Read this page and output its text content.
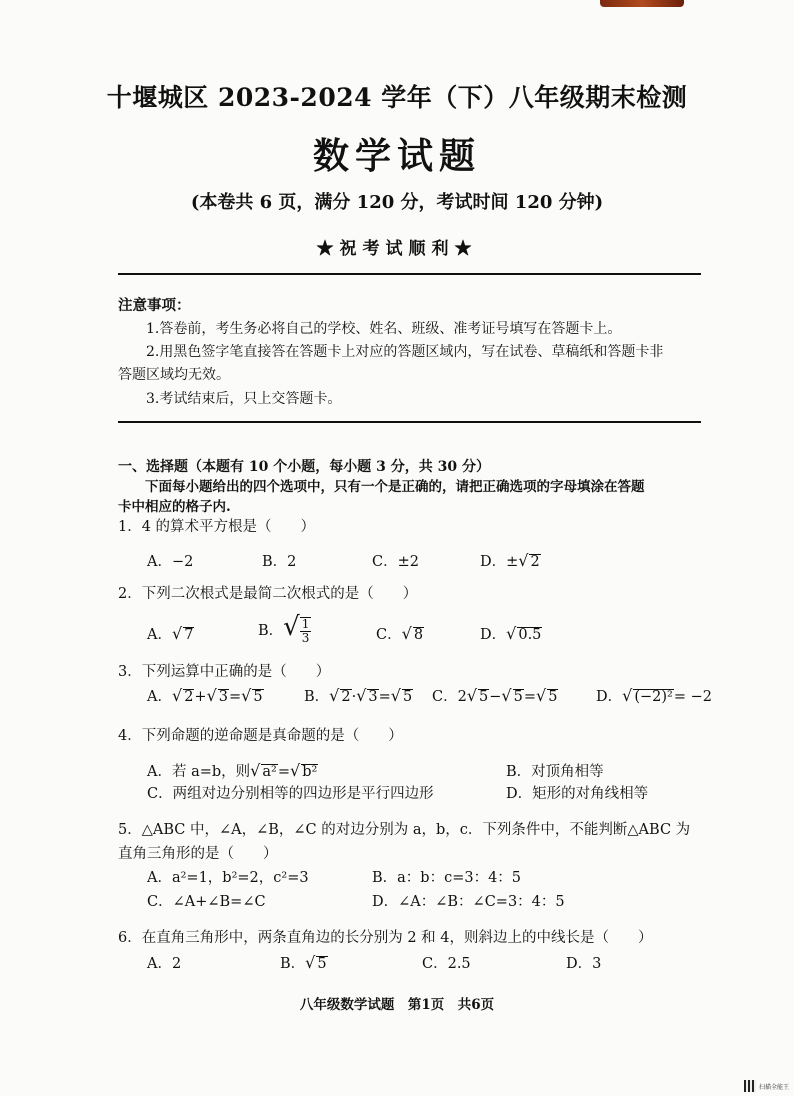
十堰城区 2023-2024 学年（下）八年级期末检测
数学试题
(本卷共 6 页，满分 120 分，考试时间 120 分钟)
★祝考试顺利★
注意事项：
1.答卷前，考生务必将自己的学校、姓名、班级、准考证号填写在答题卡上。
2.用黑色签字笔直接答在答题卡上对应的答题区域内，写在试卷、草稿纸和答题卡非
答题区域均无效。
3.考试结束后，只上交答题卡。
一、选择题（本题有 10 个小题，每小题 3 分，共 30 分）
下面每小题给出的四个选项中，只有一个是正确的，请把正确选项的字母填涂在答题
卡中相应的格子内.
1．4 的算术平方根是（　　）
A．−2	B．2	C．±2	D．±√ 2
2．下列二次根式是最简二次根式的是（　　）
A．√ 7	B．√ $\frac{1}{3}$	C．√ 8	D．√ 0.5
3．下列运算中正确的是（　　）
A．√ 2+√ 3=√ 5	B．√ 2·√ 3=√ 5 C．2√ 5−√ 5=√ 5	D．√ (−2)²= −2
4．下列命题的逆命题是真命题的是（　　）
A．若 a=b，则√ a²=√ b²	B．对顶角相等
C．两组对边分别相等的四边形是平行四边形	D．矩形的对角线相等
5．△ABC 中，∠A，∠B，∠C 的对边分别为 a，b，c．下列条件中，不能判断△ABC 为
直角三角形的是（　　）
A．a²=1，b²=2，c²=3	B．a：b：c=3：4：5
C．∠A+∠B=∠C	D．∠A：∠B：∠C=3：4：5
6．在直角三角形中，两条直角边的长分别为 2 和 4，则斜边上的中线长是（　　）
A．2	B．√ 5	C．2.5	D．3
八年级数学试题　第1页　共6页
扫描全能王
